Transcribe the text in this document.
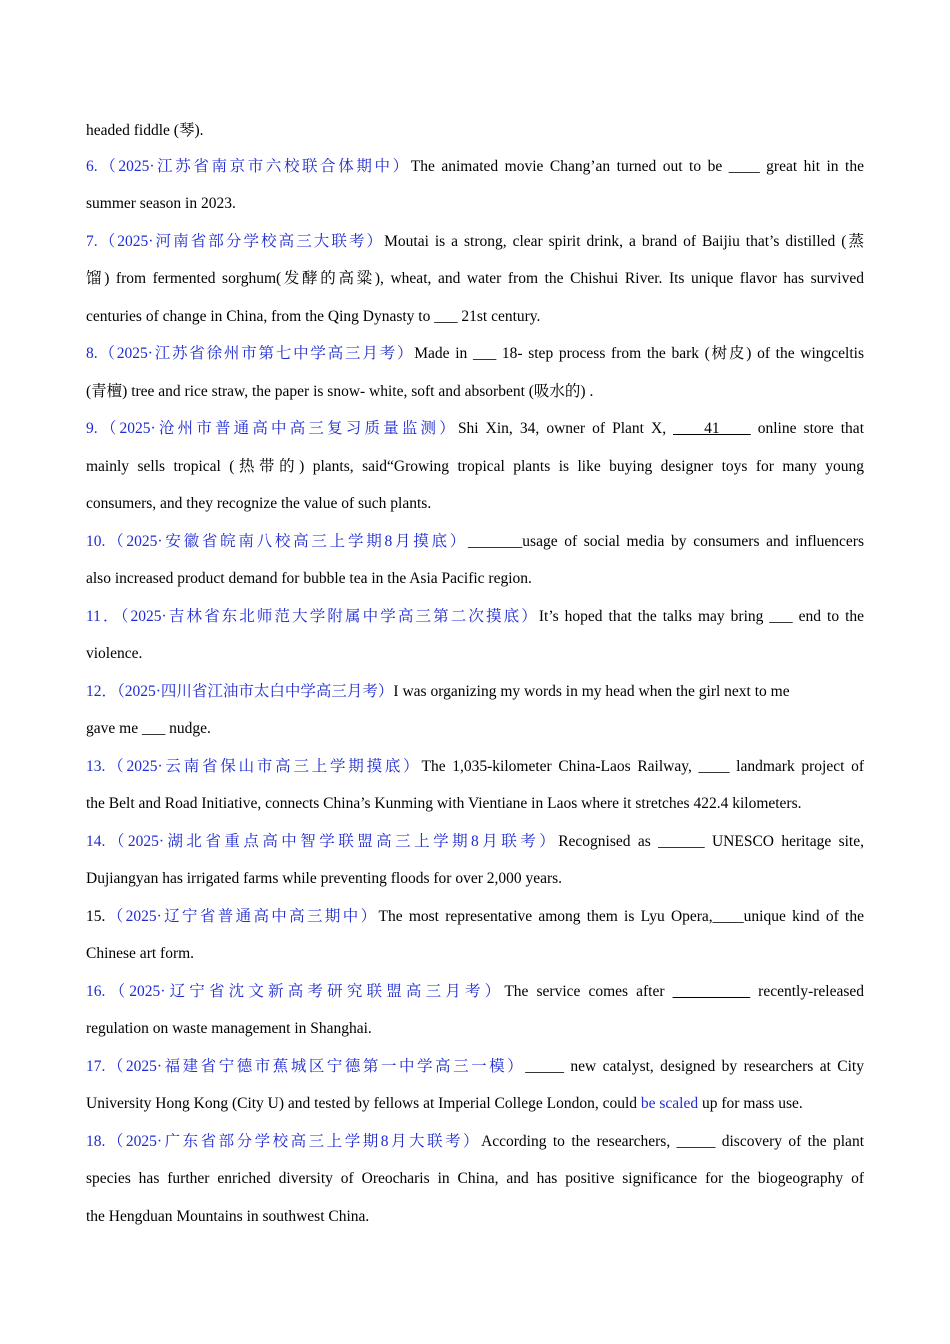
headed fiddle (琴).
6.（2025·江苏省南京市六校联合体期中）The animated movie Chang’an turned out to be ____ great hit in the
summer season in 2023.
7.（2025·河南省部分学校高三大联考）Moutai is a strong, clear spirit drink, a brand of Baijiu that’s distilled (蒸
馏) from fermented sorghum(发酵的高粱), wheat, and water from the Chishui River. Its unique flavor has survived
centuries of change in China, from the Qing Dynasty to ___ 21st century.
8.（2025·江苏省徐州市第七中学高三月考）Made in ___ 18- step process from the bark (树皮) of the wingceltis
(青檀) tree and rice straw, the paper is snow- white, soft and absorbent (吸水的) .
9.（2025·沧州市普通高中高三复习质量监测）Shi Xin, 34, owner of Plant X, ____41____ online store that
mainly sells tropical (热带的) plants, said“Growing tropical plants is like buying designer toys for many young
consumers, and they recognize the value of such plants.
10.（2025·安徽省皖南八校高三上学期8月摸底）_______usage of social media by consumers and influencers
also increased product demand for bubble tea in the Asia Pacific region.
11．（2025·吉林省东北师范大学附属中学高三第二次摸底）It’s hoped that the talks may bring ___ end to the
violence.
12．（2025·四川省江油市太白中学高三月考）I was organizing my words in my head when the girl next to me
gave me ___ nudge.
13.（2025·云南省保山市高三上学期摸底）The 1,035-kilometer China-Laos Railway, ____ landmark project of
the Belt and Road Initiative, connects China’s Kunming with Vientiane in Laos where it stretches 422.4 kilometers.
14.（2025·湖北省重点高中智学联盟高三上学期8月联考）Recognised as ______ UNESCO heritage site,
Dujiangyan has irrigated farms while preventing floods for over 2,000 years.
15.（2025·辽宁省普通高中高三期中）The most representative among them is Lyu Opera,____unique kind of the
Chinese art form.
16.（2025·辽宁省沈文新高考研究联盟高三月考）The service comes after __________ recently-released
regulation on waste management in Shanghai.
17.（2025·福建省宁德市蕉城区宁德第一中学高三一模）_____ new catalyst, designed by researchers at City
University Hong Kong (City U) and tested by fellows at Imperial College London, could be scaled up for mass use.
18.（2025·广东省部分学校高三上学期8月大联考）According to the researchers, _____ discovery of the plant
species has further enriched diversity of Oreocharis in China, and has positive significance for the biogeography of
the Hengduan Mountains in southwest China.
